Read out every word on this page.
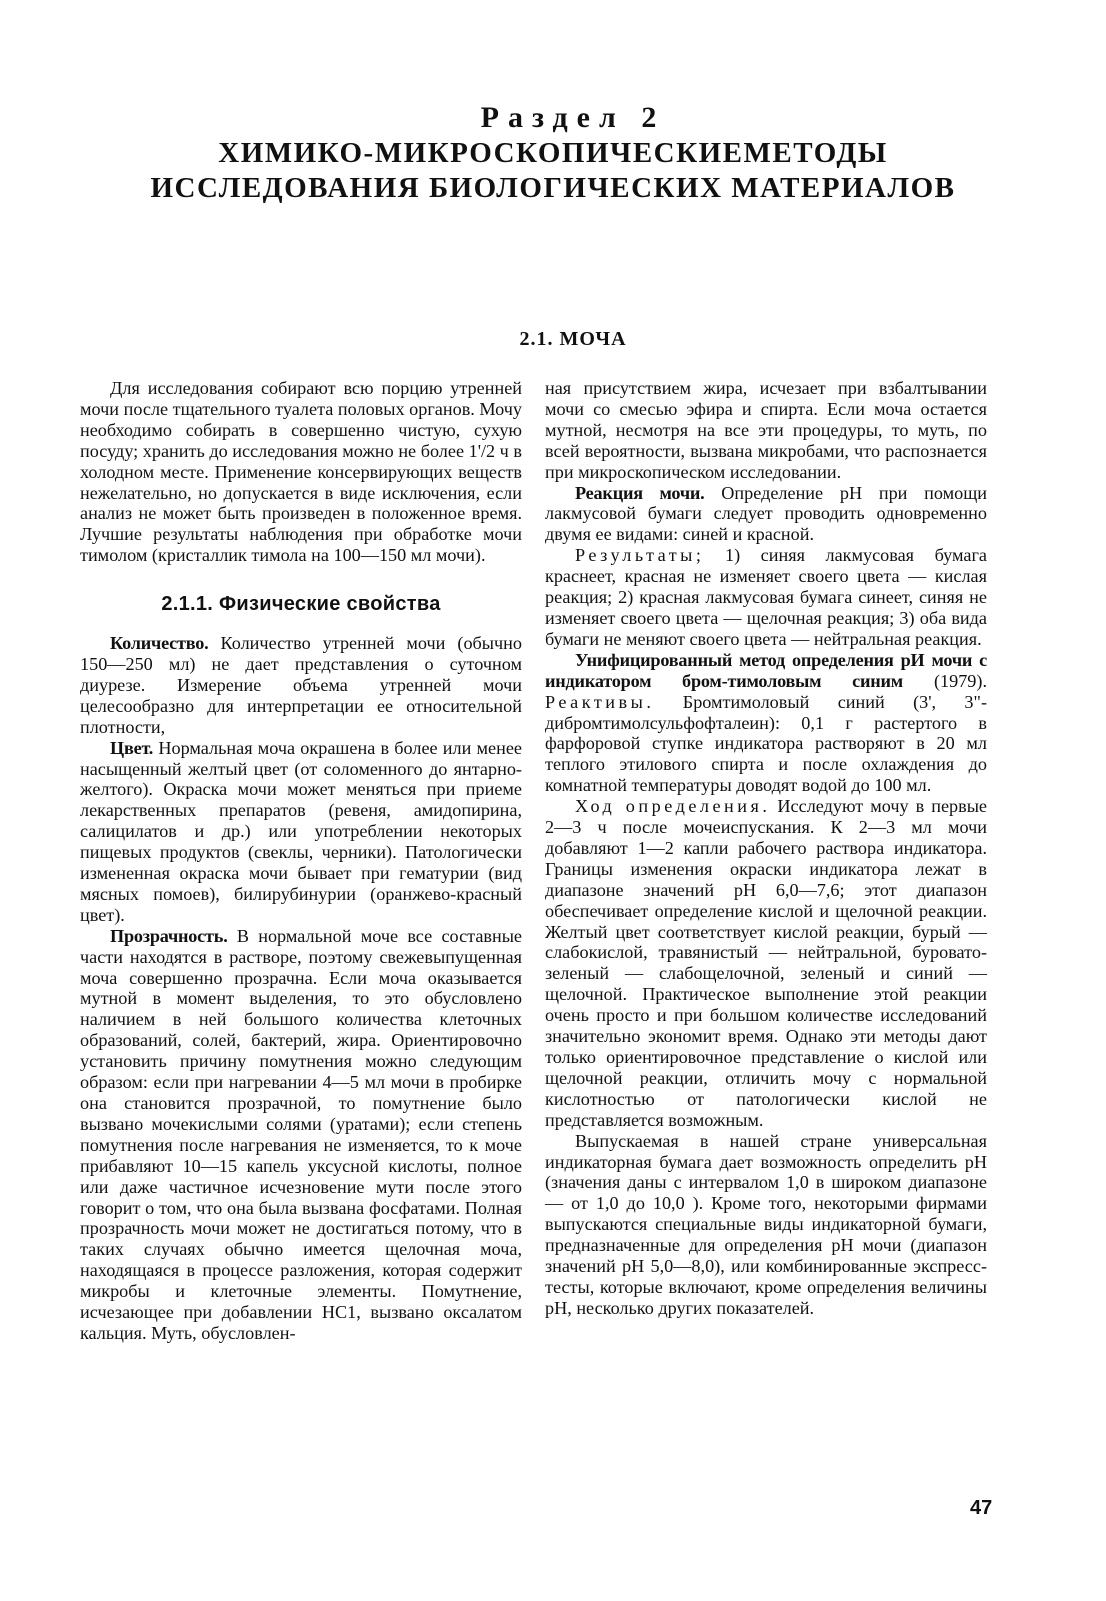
Раздел 2
ХИМИКО-МИКРОСКОПИЧЕСКИЕМЕТОДЫ
ИССЛЕДОВАНИЯ БИОЛОГИЧЕСКИХ МАТЕРИАЛОВ
2.1. МОЧА

Для исследования собирают всю порцию утренней мочи после тщательного туалета половых органов. Мочу необходимо собирать в совершенно чистую, сухую посуду; хранить до исследования можно не более 1'/2 ч в холодном месте. Применение консервирующих веществ нежелательно, но допускается в виде исключения, если анализ не может быть произведен в положенное время. Лучшие результаты наблюдения при обработке мочи тимолом (кристаллик тимола на 100—150 мл мочи).

2.1.1. Физические свойства

Количество. Количество утренней мочи (обычно 150—250 мл) не дает представления о суточном диурезе. Измерение объема утренней мочи целесообразно для интерпретации ее относительной плотности,

Цвет. Нормальная моча окрашена в более или менее насыщенный желтый цвет (от соломенного до янтарно-желтого). Окраска мочи может меняться при приеме лекарственных препаратов (ревеня, амидопирина, салицилатов и др.) или употреблении некоторых пищевых продуктов (свеклы, черники). Патологически измененная окраска мочи бывает при гематурии (вид мясных помоев), билирубинурии (оранжево-красный цвет).

Прозрачность. В нормальной моче все составные части находятся в растворе, поэтому свежевыпущенная моча совершенно прозрачна. Если моча оказывается мутной в момент выделения, то это обусловлено наличием в ней большого количества клеточных образований, солей, бактерий, жира. Ориентировочно установить причину помутнения можно следующим образом: если при нагревании 4—5 мл мочи в пробирке она становится прозрачной, то помутнение было вызвано мочекислыми солями (уратами); если степень помутнения после нагревания не изменяется, то к моче прибавляют 10—15 капель уксусной кислоты, полное или даже частичное исчезновение мути после этого говорит о том, что она была вызвана фосфатами. Полная прозрачность мочи может не достигаться потому, что в таких случаях обычно имеется щелочная моча, находящаяся в процессе разложения, которая содержит микробы и клеточные элементы. Помутнение, исчезающее при добавлении НС1, вызвано оксалатом кальция. Муть, обусловлен-

ная присутствием жира, исчезает при взбалтывании мочи со смесью эфира и спирта. Если моча остается мутной, несмотря на все эти процедуры, то муть, по всей вероятности, вызвана микробами, что распознается при микроскопическом исследовании.

Реакция мочи. Определение рН при помощи лакмусовой бумаги следует проводить одновременно двумя ее видами: синей и красной.

Результаты; 1) синяя лакмусовая бумага краснеет, красная не изменяет своего цвета — кислая реакция; 2) красная лакмусовая бумага синеет, синяя не изменяет своего цвета — щелочная реакция; 3) оба вида бумаги не меняют своего цвета — нейтральная реакция.

Унифицированный метод определения рИ мочи с индикатором бром-тимоловым синим (1979). Реактивы. Бромтимоловый синий (3', 3"-дибромтимолсульфофталеин): 0,1 г растертого в фарфоровой ступке индикатора растворяют в 20 мл теплого этилового спирта и после охлаждения до комнатной температуры доводят водой до 100 мл.

Ход определения. Исследуют мочу в первые 2—3 ч после мочеиспускания. К 2—3 мл мочи добавляют 1—2 капли рабочего раствора индикатора. Границы изменения окраски индикатора лежат в диапазоне значений рН 6,0—7,6; этот диапазон обеспечивает определение кислой и щелочной реакции. Желтый цвет соответствует кислой реакции, бурый — слабокислой, травянистый — нейтральной, буровато-зеленый — слабощелочной, зеленый и синий — щелочной. Практическое выполнение этой реакции очень просто и при большом количестве исследований значительно экономит время. Однако эти методы дают только ориентировочное представление о кислой или щелочной реакции, отличить мочу с нормальной кислотностью от патологически кислой не представляется возможным.

Выпускаемая в нашей стране универсальная индикаторная бумага дает возможность определить рН (значения даны с интервалом 1,0 в широком диапазоне — от 1,0 до 10,0 ). Кроме того, некоторыми фирмами выпускаются специальные виды индикаторной бумаги, предназначенные для определения рН мочи (диапазон значений рН 5,0—8,0), или комбинированные экспресс-тесты, которые включают, кроме определения величины рН, несколько других показателей.

47
